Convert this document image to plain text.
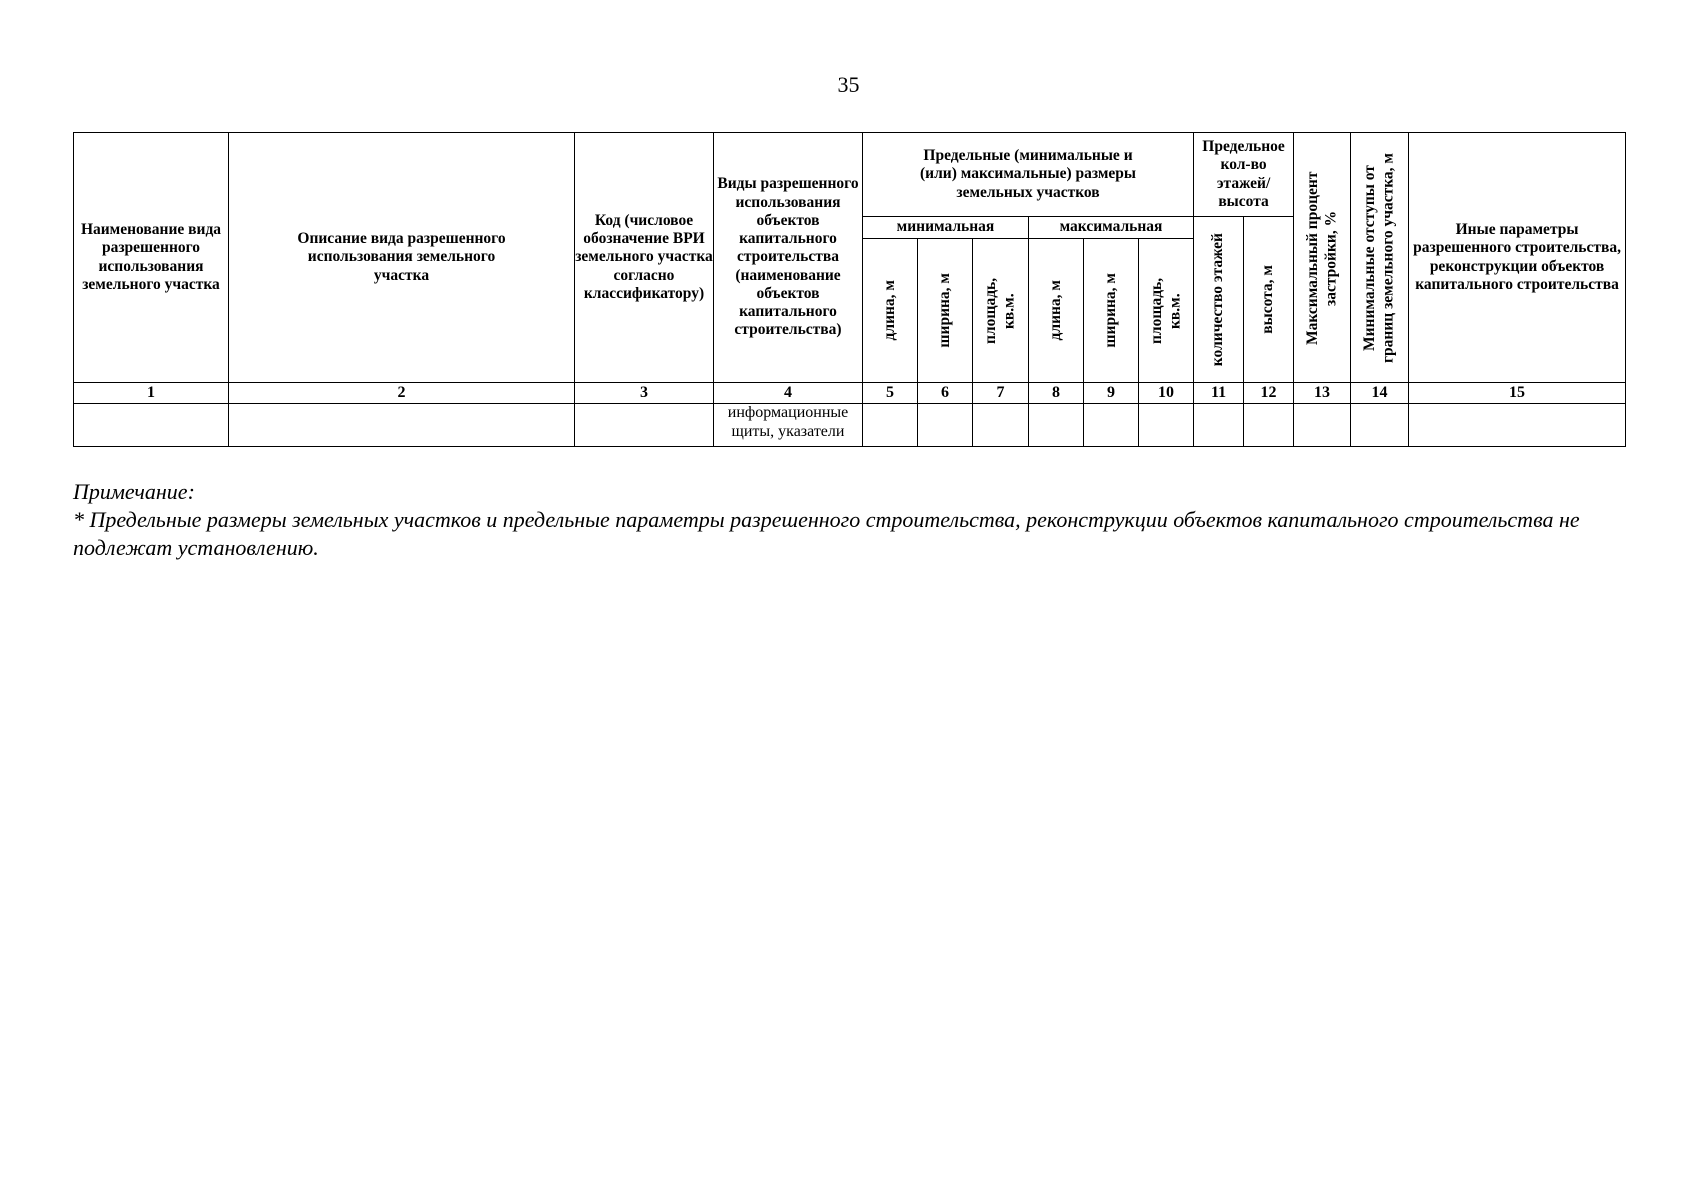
35
Наименование вида разрешенного использования земельного участка	Описание вида разрешенного использования земельного участка	Код (числовое обозначение ВРИ земельного участка согласно классификатору)	Виды разрешенного использования объектов капитального строительства (наименование объектов капитального строительства)	Предельные (минимальные и (или) максимальные) размеры земельных участков						Предельное кол-во этажей/ высота		Максимальный процент застройки, %	Минимальные отступы от границ земельного участка, м	Иные параметры разрешенного строительства, реконструкции объектов капитального строительства
				минимальная			максимальная			количество этажей	высота, м			

				длина, м	ширина, м	площадь, кв.м.	длина, м	ширина, м	площадь, кв.м.					

1	2	3	4	5	6	7	8	9	10	11	12	13	14	15
			информационные щиты, указатели											
Примечание:
* Предельные размеры земельных участков и предельные параметры разрешенного строительства, реконструкции объектов капитального строительства не подлежат установлению.
